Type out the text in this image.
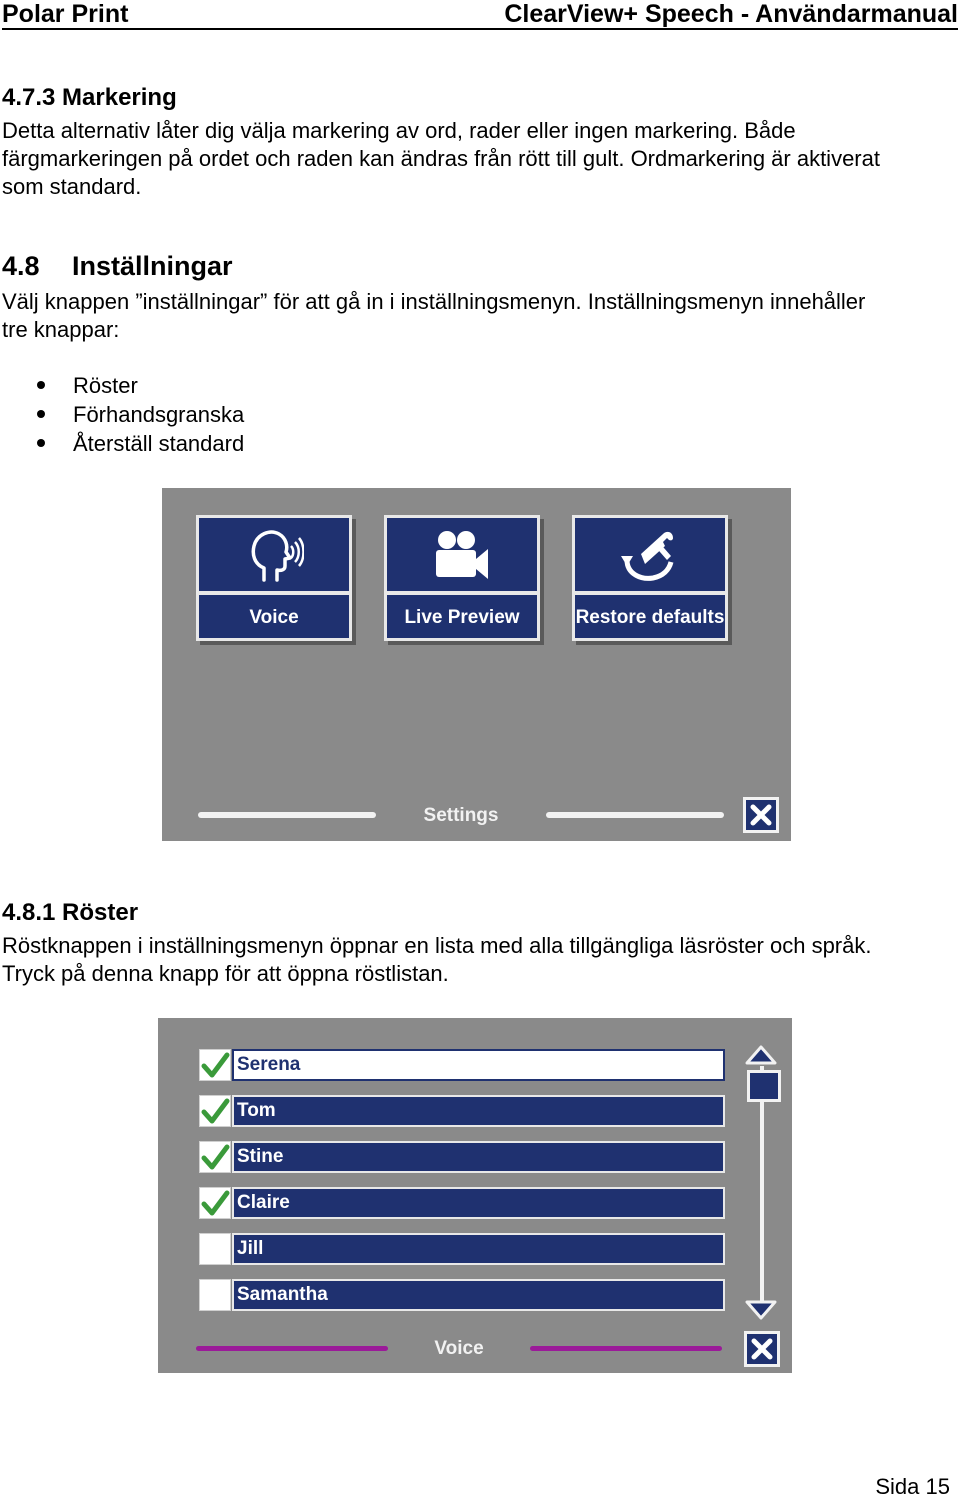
Polar Print	ClearView+ Speech - Användarmanual
4.7.3 Markering
Detta alternativ låter dig välja markering av ord, rader eller ingen markering. Både
färgmarkeringen på ordet och raden kan ändras från rött till gult. Ordmarkering är aktiverat
som standard.
4.8 Inställningar
Välj knappen ”inställningar” för att gå in i inställningsmenyn. Inställningsmenyn innehåller
tre knappar:
Röster
Förhandsgranska
Återställ standard
Voice	Live Preview	Restore defaults
Settings
4.8.1 Röster
Röstknappen i inställningsmenyn öppnar en lista med alla tillgängliga läsröster och språk.
Tryck på denna knapp för att öppna röstlistan.
Serena
Tom
Stine
Claire
Jill
Samantha
Voice
Sida 15
